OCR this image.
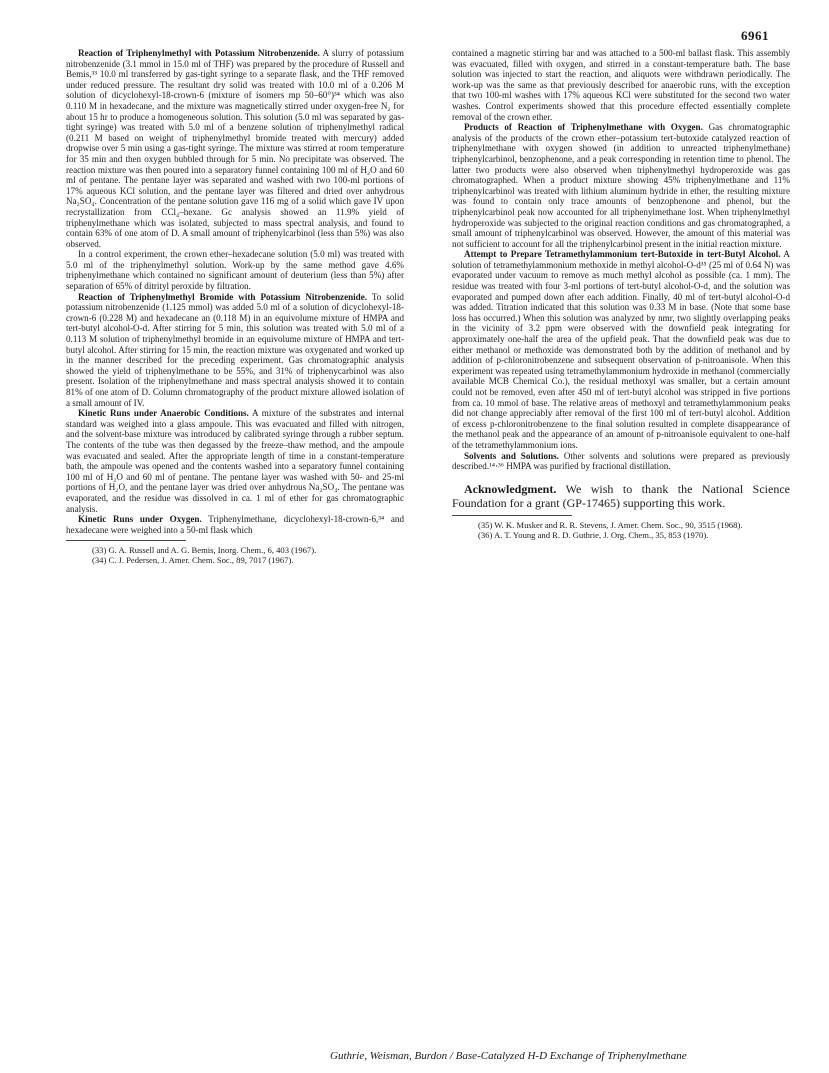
6961

Reaction of Triphenylmethyl with Potassium Nitrobenzenide. A slurry of potassium nitrobenzenide (3.1 mmol in 15.0 ml of THF) was prepared by the procedure of Russell and Bemis,³³ 10.0 ml transferred by gas-tight syringe to a separate flask, and the THF removed under reduced pressure. The resultant dry solid was treated with 10.0 ml of a 0.206 M solution of dicyclohexyl-18-crown-6 (mixture of isomers mp 50–60°)³⁴ which was also 0.110 M in hexadecane, and the mixture was magnetically stirred under oxygen-free N₂ for about 15 hr to produce a homogeneous solution. This solution (5.0 ml was separated by gas-tight syringe) was treated with 5.0 ml of a benzene solution of triphenylmethyl radical (0.211 M based on weight of triphenylmethyl bromide treated with mercury) added dropwise over 5 min using a gas-tight syringe. The mixture was stirred at room temperature for 35 min and then oxygen bubbled through for 5 min. No precipitate was observed. The reaction mixture was then poured into a separatory funnel containing 100 ml of H₂O and 60 ml of pentane. The pentane layer was separated and washed with two 100-ml portions of 17% aqueous KCl solution, and the pentane layer was filtered and dried over anhydrous Na₂SO₄. Concentration of the pentane solution gave 116 mg of a solid which gave IV upon recrystallization from CCl₄–hexane. Gc analysis showed an 11.9% yield of triphenylmethane which was isolated, subjected to mass spectral analysis, and found to contain 63% of one atom of D. A small amount of triphenylcarbinol (less than 5%) was also observed.

In a control experiment, the crown ether–hexadecane solution (5.0 ml) was treated with 5.0 ml of the triphenylmethyl solution. Work-up by the same method gave 4.6% triphenylmethane which contained no significant amount of deuterium (less than 5%) after separation of 65% of ditrityl peroxide by filtration.

Reaction of Triphenylmethyl Bromide with Potassium Nitrobenzenide. To solid potassium nitrobenzenide (1.125 mmol) was added 5.0 ml of a solution of dicyclohexyl-18-crown-6 (0.228 M) and hexadecane an (0.118 M) in an equivolume mixture of HMPA and tert-butyl alcohol-O-d. After stirring for 5 min, this solution was treated with 5.0 ml of a 0.113 M solution of triphenylmethyl bromide in an equivolume mixture of HMPA and tert-butyl alcohol. After stirring for 15 min, the reaction mixture was oxygenated and worked up in the manner described for the preceding experiment. Gas chromatographic analysis showed the yield of triphenylmethane to be 55%, and 31% of triphenycarbinol was also present. Isolation of the triphenylmethane and mass spectral analysis showed it to contain 81% of one atom of D. Column chromatography of the product mixture allowed isolation of a small amount of IV.

Kinetic Runs under Anaerobic Conditions. A mixture of the substrates and internal standard was weighed into a glass ampoule. This was evacuated and filled with nitrogen, and the solvent-base mixture was introduced by calibrated syringe through a rubber septum. The contents of the tube was then degassed by the freeze–thaw method, and the ampoule was evacuated and sealed. After the appropriate length of time in a constant-temperature bath, the ampoule was opened and the contents washed into a separatory funnel containing 100 ml of H₂O and 60 ml of pentane. The pentane layer was washed with 50- and 25-ml portions of H₂O, and the pentane layer was dried over anhydrous Na₂SO₄. The pentane was evaporated, and the residue was dissolved in ca. 1 ml of ether for gas chromatographic analysis.

Kinetic Runs under Oxygen. Triphenylmethane, dicyclohexyl-18-crown-6,³⁴ and hexadecane were weighed into a 50-ml flask which

(33) G. A. Russell and A. G. Bemis, Inorg. Chem., 6, 403 (1967).

(34) C. J. Pedersen, J. Amer. Chem. Soc., 89, 7017 (1967).

contained a magnetic stirring bar and was attached to a 500-ml ballast flask. This assembly was evacuated, filled with oxygen, and stirred in a constant-temperature bath. The base solution was injected to start the reaction, and aliquots were withdrawn periodically. The work-up was the same as that previously described for anaerobic runs, with the exception that two 100-ml washes with 17% aqueous KCl were substituted for the second two water washes. Control experiments showed that this procedure effected essentially complete removal of the crown ether.

Products of Reaction of Triphenylmethane with Oxygen. Gas chromatographic analysis of the products of the crown ether–potassium tert-butoxide catalyzed reaction of triphenylmethane with oxygen showed (in addition to unreacted triphenylmethane) triphenylcarbinol, benzophenone, and a peak corresponding in retention time to phenol. The latter two products were also observed when triphenylmethyl hydroperoxide was gas chromatographed. When a product mixture showing 45% triphenylmethane and 11% triphenylcarbinol was treated with lithium aluminum hydride in ether, the resulting mixture was found to contain only trace amounts of benzophenone and phenol, but the triphenylcarbinol peak now accounted for all triphenylmethane lost. When triphenylmethyl hydroperoxide was subjected to the original reaction conditions and gas chromatographed, a small amount of triphenylcarbinol was observed. However, the amount of this material was not sufficient to account for all the triphenylcarbinol present in the initial reaction mixture.

Attempt to Prepare Tetramethylammonium tert-Butoxide in tert-Butyl Alcohol. A solution of tetramethylammonium methoxide in methyl alcohol-O-d³⁵ (25 ml of 0.64 N) was evaporated under vacuum to remove as much methyl alcohol as possible (ca. 1 mm). The residue was treated with four 3-ml portions of tert-butyl alcohol-O-d, and the solution was evaporated and pumped down after each addition. Finally, 40 ml of tert-butyl alcohol-O-d was added. Titration indicated that this solution was 0.33 M in base. (Note that some base loss has occurred.) When this solution was analyzed by nmr, two slightly overlapping peaks in the vicinity of 3.2 ppm were observed with the downfield peak integrating for approximately one-half the area of the upfield peak. That the downfield peak was due to either methanol or methoxide was demonstrated both by the addition of methanol and by addition of p-chloronitrobenzene and subsequent observation of p-nitroanisole. When this experiment was repeated using tetramethylammonium hydroxide in methanol (commercially available MCB Chemical Co.), the residual methoxyl was smaller, but a certain amount could not be removed, even after 450 ml of tert-butyl alcohol was stripped in five portions from ca. 10 mmol of base. The relative areas of methoxyl and tetramethylammonium peaks did not change appreciably after removal of the first 100 ml of tert-butyl alcohol. Addition of excess p-chloronitrobenzene to the final solution resulted in complete disappearance of the methanol peak and the appearance of an amount of p-nitroanisole equivalent to one-half of the tetramethylammonium ions.

Solvents and Solutions. Other solvents and solutions were prepared as previously described.¹⁴·³⁶ HMPA was purified by fractional distillation.

Acknowledgment. We wish to thank the National Science Foundation for a grant (GP-17465) supporting this work.

(35) W. K. Musker and R. R. Stevens, J. Amer. Chem. Soc., 90, 3515 (1968).

(36) A. T. Young and R. D. Guthrie, J. Org. Chem., 35, 853 (1970).

Guthrie, Weisman, Burdon / Base-Catalyzed H-D Exchange of Triphenylmethane
